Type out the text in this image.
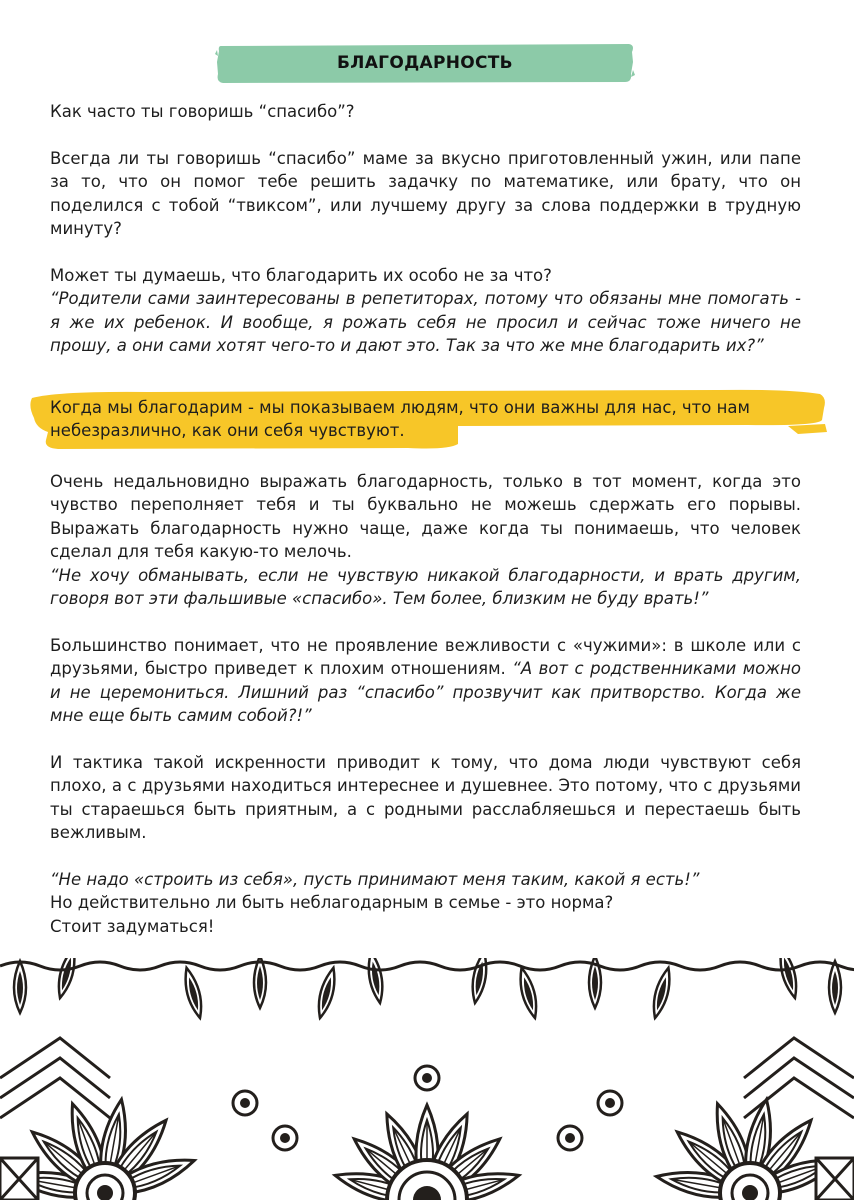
БЛАГОДАРНОСТЬ

Как часто ты говоришь “спасибо”?

Всегда ли ты говоришь “спасибо” маме за вкусно приготовленный ужин, или папе за то, что он помог тебе решить задачку по математике, или брату, что он поделился с тобой “твиксом”, или лучшему другу за слова поддержки в трудную минуту?

Может ты думаешь, что благодарить их особо не за что?

“Родители сами заинтересованы в репетиторах, потому что обязаны мне помогать - я же их ребенок. И вообще, я рожать себя не просил и сейчас тоже ничего не прошу, а они сами хотят чего-то и дают это. Так за что же мне благодарить их?”

Когда мы благодарим - мы показываем людям, что они важны для нас, что нам небезразлично, как они себя чувствуют.

Очень недальновидно выражать благодарность, только в тот момент, когда это чувство переполняет тебя и ты буквально не можешь сдержать его порывы. Выражать благодарность нужно чаще, даже когда ты понимаешь, что человек сделал для тебя какую-то мелочь.

“Не хочу обманывать, если не чувствую никакой благодарности, и врать другим, говоря вот эти фальшивые «спасибо». Тем более, близким не буду врать!”

Большинство понимает, что не проявление вежливости с «чужими»: в школе или с друзьями, быстро приведет к плохим отношениям. “А вот с родственниками можно и не церемониться. Лишний раз “спасибо” прозвучит как притворство. Когда же мне еще быть самим собой?!”

И тактика такой искренности приводит к тому, что дома люди чувствуют себя плохо, а с друзьями находиться интереснее и душевнее. Это потому, что с друзьями ты стараешься быть приятным, а с родными расслабляешься и перестаешь быть вежливым.

“Не надо «строить из себя», пусть принимают меня таким, какой я есть!”

Но действительно ли быть неблагодарным в семье - это норма?

Стоит задуматься!
